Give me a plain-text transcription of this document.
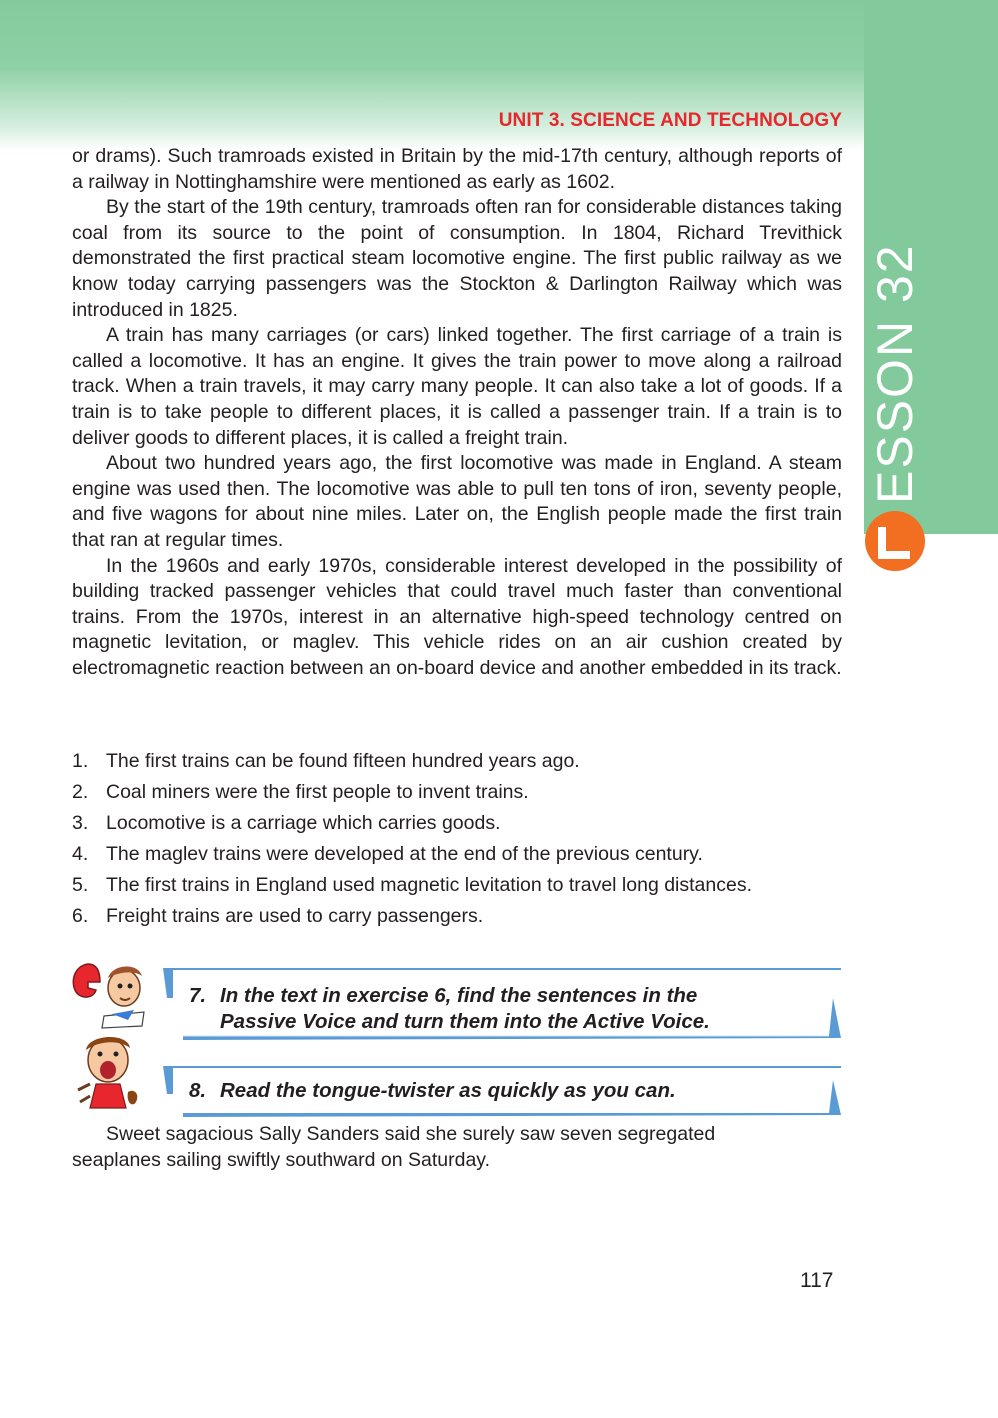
UNIT 3. SCIENCE AND TECHNOLOGY
ESSON 32

or drams). Such tramroads existed in Britain by the mid-17th century, although reports of a railway in Nottinghamshire were mentioned as early as 1602.

By the start of the 19th century, tramroads often ran for considerable distances taking coal from its source to the point of consumption. In 1804, Richard Trevithick demonstrated the first practical steam locomotive engine. The first public railway as we know today carrying passengers was the Stockton & Darlington Railway which was introduced in 1825.

A train has many carriages (or cars) linked together. The first carriage of a train is called a locomotive. It has an engine. It gives the train power to move along a railroad track. When a train travels, it may carry many people. It can also take a lot of goods. If a train is to take people to different places, it is called a passenger train. If a train is to deliver goods to different places, it is called a freight train.

About two hundred years ago, the first locomotive was made in England. A steam engine was used then. The locomotive was able to pull ten tons of iron, seventy people, and five wagons for about nine miles. Later on, the English people made the first train that ran at regular times.

In the 1960s and early 1970s, considerable interest developed in the possibility of building tracked passenger vehicles that could travel much faster than conventional trains. From the 1970s, interest in an alternative high-speed technology centred on magnetic levitation, or maglev. This vehicle rides on an air cushion created by electromagnetic reaction between an on-board device and another embedded in its track.

1. The first trains can be found fifteen hundred years ago.
2. Coal miners were the first people to invent trains.
3. Locomotive is a carriage which carries goods.
4. The maglev trains were developed at the end of the previous century.
5. The first trains in England used magnetic levitation to travel long distances.
6. Freight trains are used to carry passengers.
7. In the text in exercise 6, find the sentences in the
Passive Voice and turn them into the Active Voice.
8. Read the tongue-twister as quickly as you can.

Sweet sagacious Sally Sanders said she surely saw seven segregated seaplanes sailing swiftly southward on Saturday.

117
